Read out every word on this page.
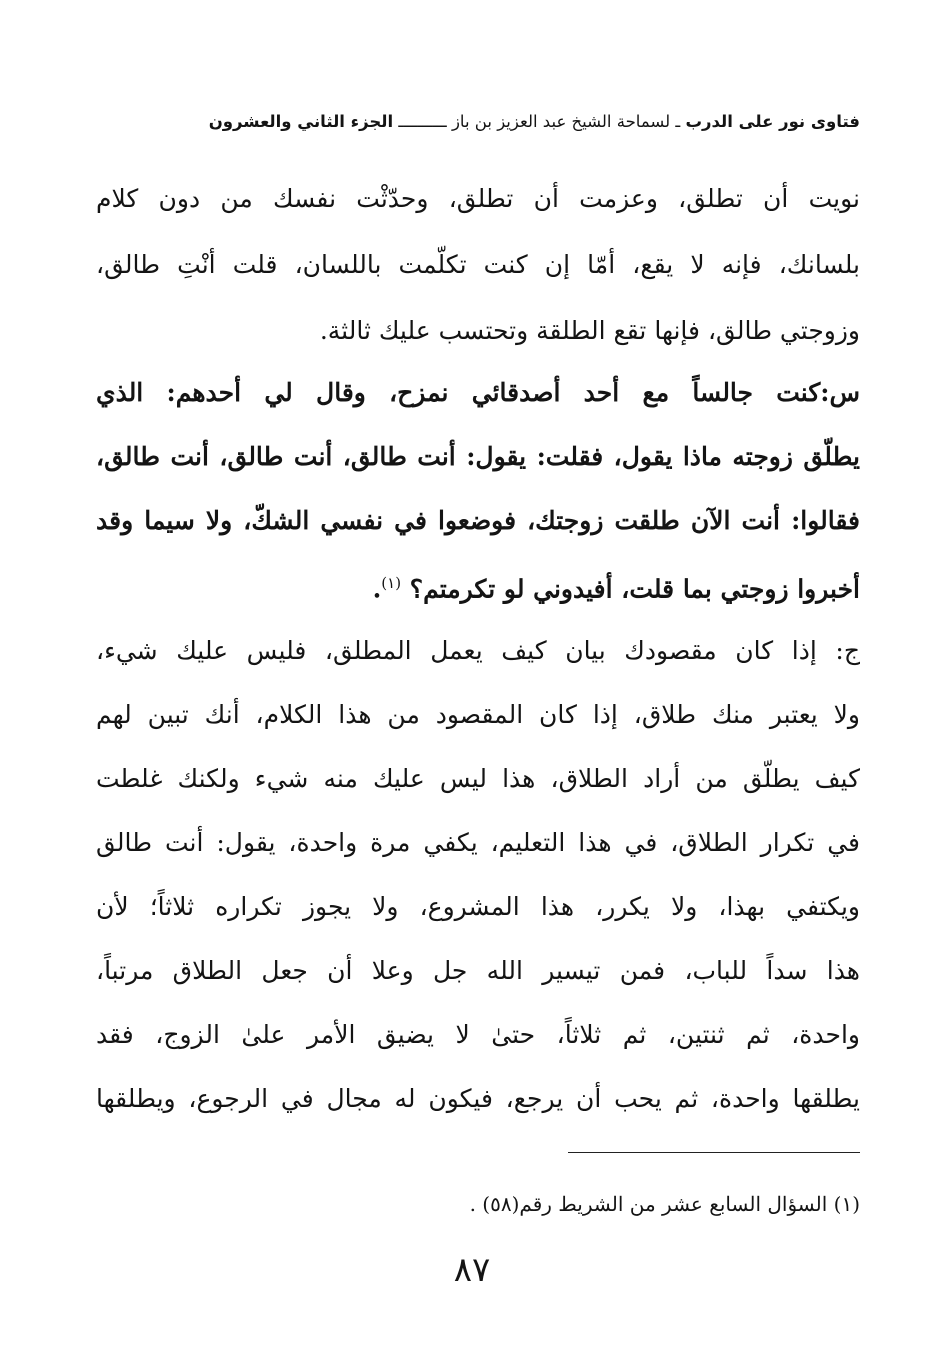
فتاوى نور على الدرب ـ لسماحة الشيخ عبد العزيز بن باز ــــــــــ الجزء الثاني والعشرون
نويت أن تطلق، وعزمت أن تطلق، وحدّثْت نفسك من دون كلام
بلسانك، فإنه لا يقع، أمّا إن كنت تكلّمت باللسان، قلت أنْتِ طالق،
وزوجتي طالق، فإنها تقع الطلقة وتحتسب عليك ثالثة.
س:كنت جالساً مع أحد أصدقائي نمزح، وقال لي أحدهم: الذي
يطلّق زوجته ماذا يقول، فقلت: يقول: أنت طالق، أنت طالق، أنت طالق،
فقالوا: أنت الآن طلقت زوجتك، فوضعوا في نفسي الشكّ، ولا سيما وقد
أخبروا زوجتي بما قلت، أفيدوني لو تكرمتم؟ $^{(١)}$.
ج: إذا كان مقصودك بيان كيف يعمل المطلق، فليس عليك شيء،
ولا يعتبر منك طلاق، إذا كان المقصود من هذا الكلام، أنك تبين لهم
كيف يطلّق من أراد الطلاق، هذا ليس عليك منه شيء ولكنك غلطت
في تكرار الطلاق، في هذا التعليم، يكفي مرة واحدة، يقول: أنت طالق
ويكتفي بهذا، ولا يكرر، هذا المشروع، ولا يجوز تكراره ثلاثاً؛ لأن
هذا سداً للباب، فمن تيسير الله جل وعلا أن جعل الطلاق مرتباً،
واحدة، ثم ثنتين، ثم ثلاثاً، حتىٰ لا يضيق الأمر علىٰ الزوج، فقد
يطلقها واحدة، ثم يحب أن يرجع، فيكون له مجال في الرجوع، ويطلقها
(١) السؤال السابع عشر من الشريط رقم(٥٨) .
٨٧
